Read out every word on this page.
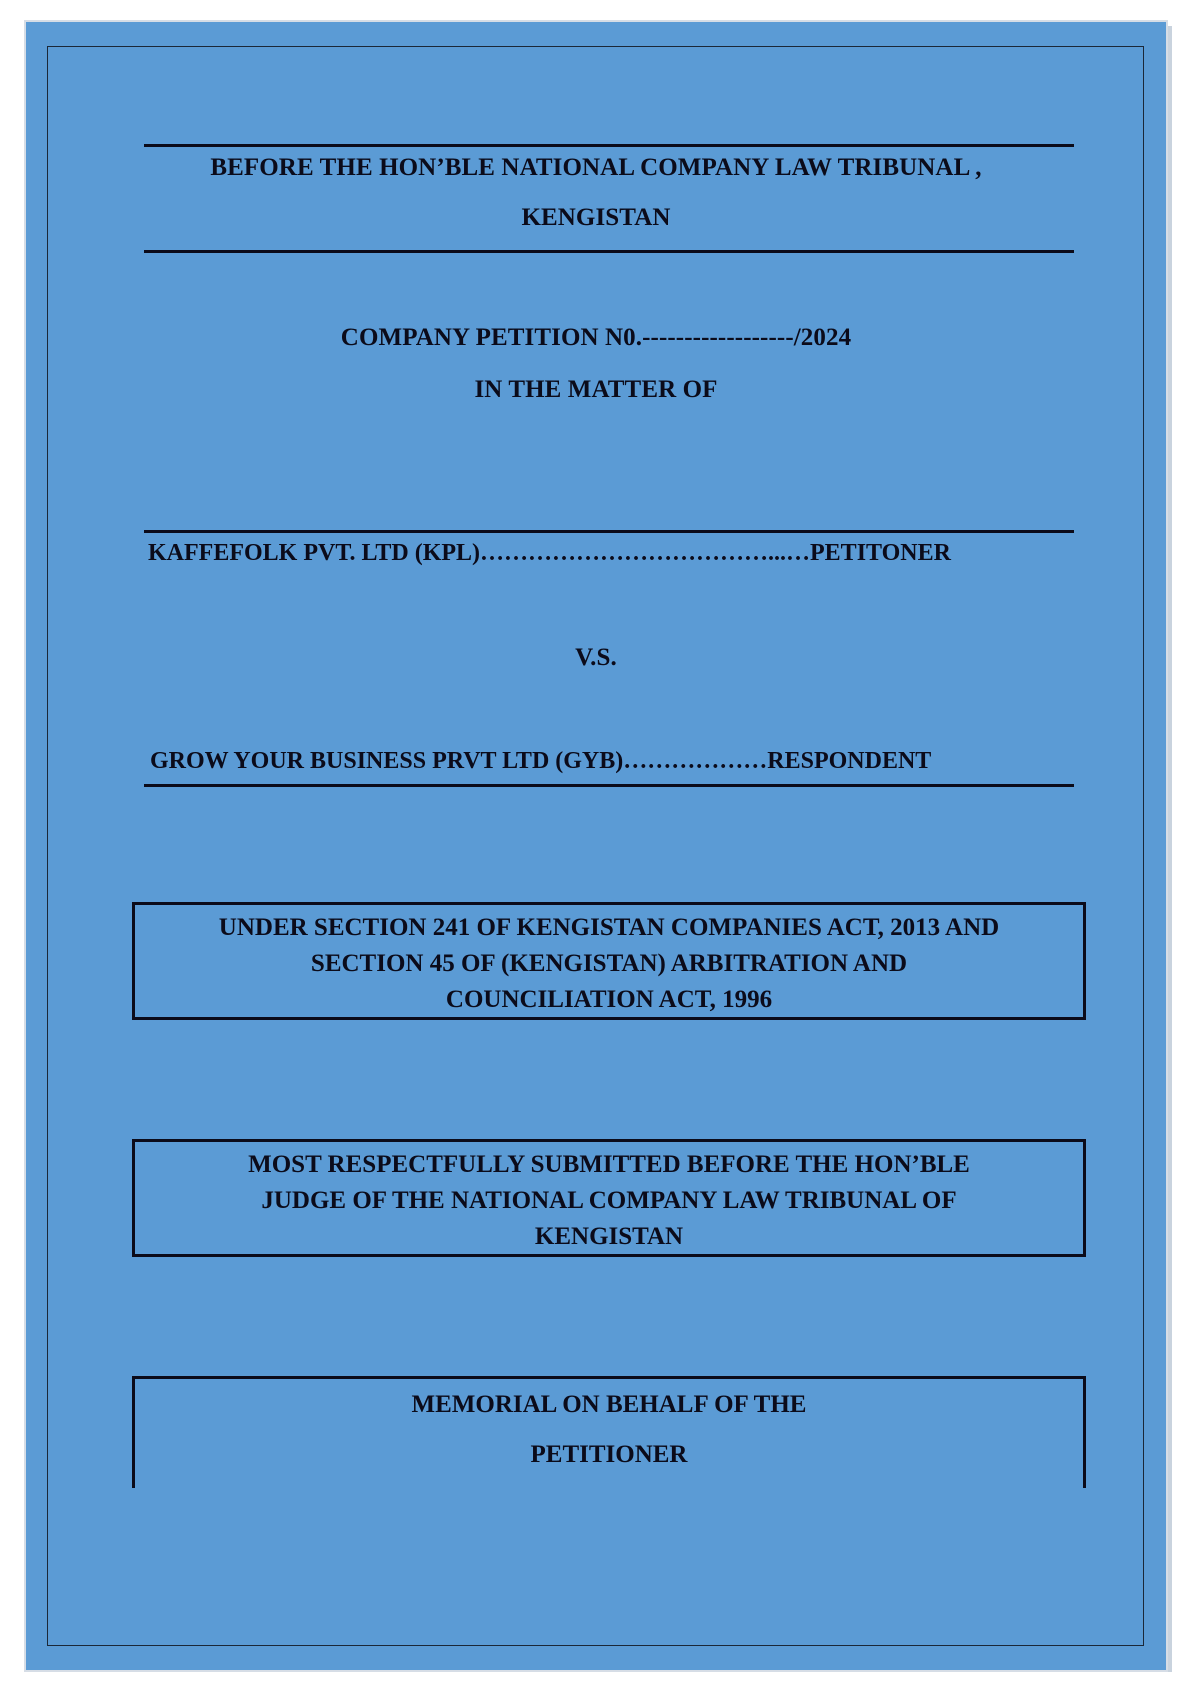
BEFORE THE HON’BLE NATIONAL COMPANY LAW TRIBUNAL ,
KENGISTAN
COMPANY PETITION N0.------------------/2024
IN THE MATTER OF
KAFFEFOLK PVT. LTD (KPL)………………………………...…PETITONER
V.S.
GROW YOUR BUSINESS PRVT LTD (GYB)………………RESPONDENT
UNDER SECTION 241 OF KENGISTAN COMPANIES ACT, 2013 AND
SECTION 45 OF (KENGISTAN) ARBITRATION AND
COUNCILIATION ACT, 1996
MOST RESPECTFULLY SUBMITTED BEFORE THE HON’BLE
JUDGE OF THE NATIONAL COMPANY LAW TRIBUNAL OF
KENGISTAN
MEMORIAL ON BEHALF OF THE
PETITIONER
